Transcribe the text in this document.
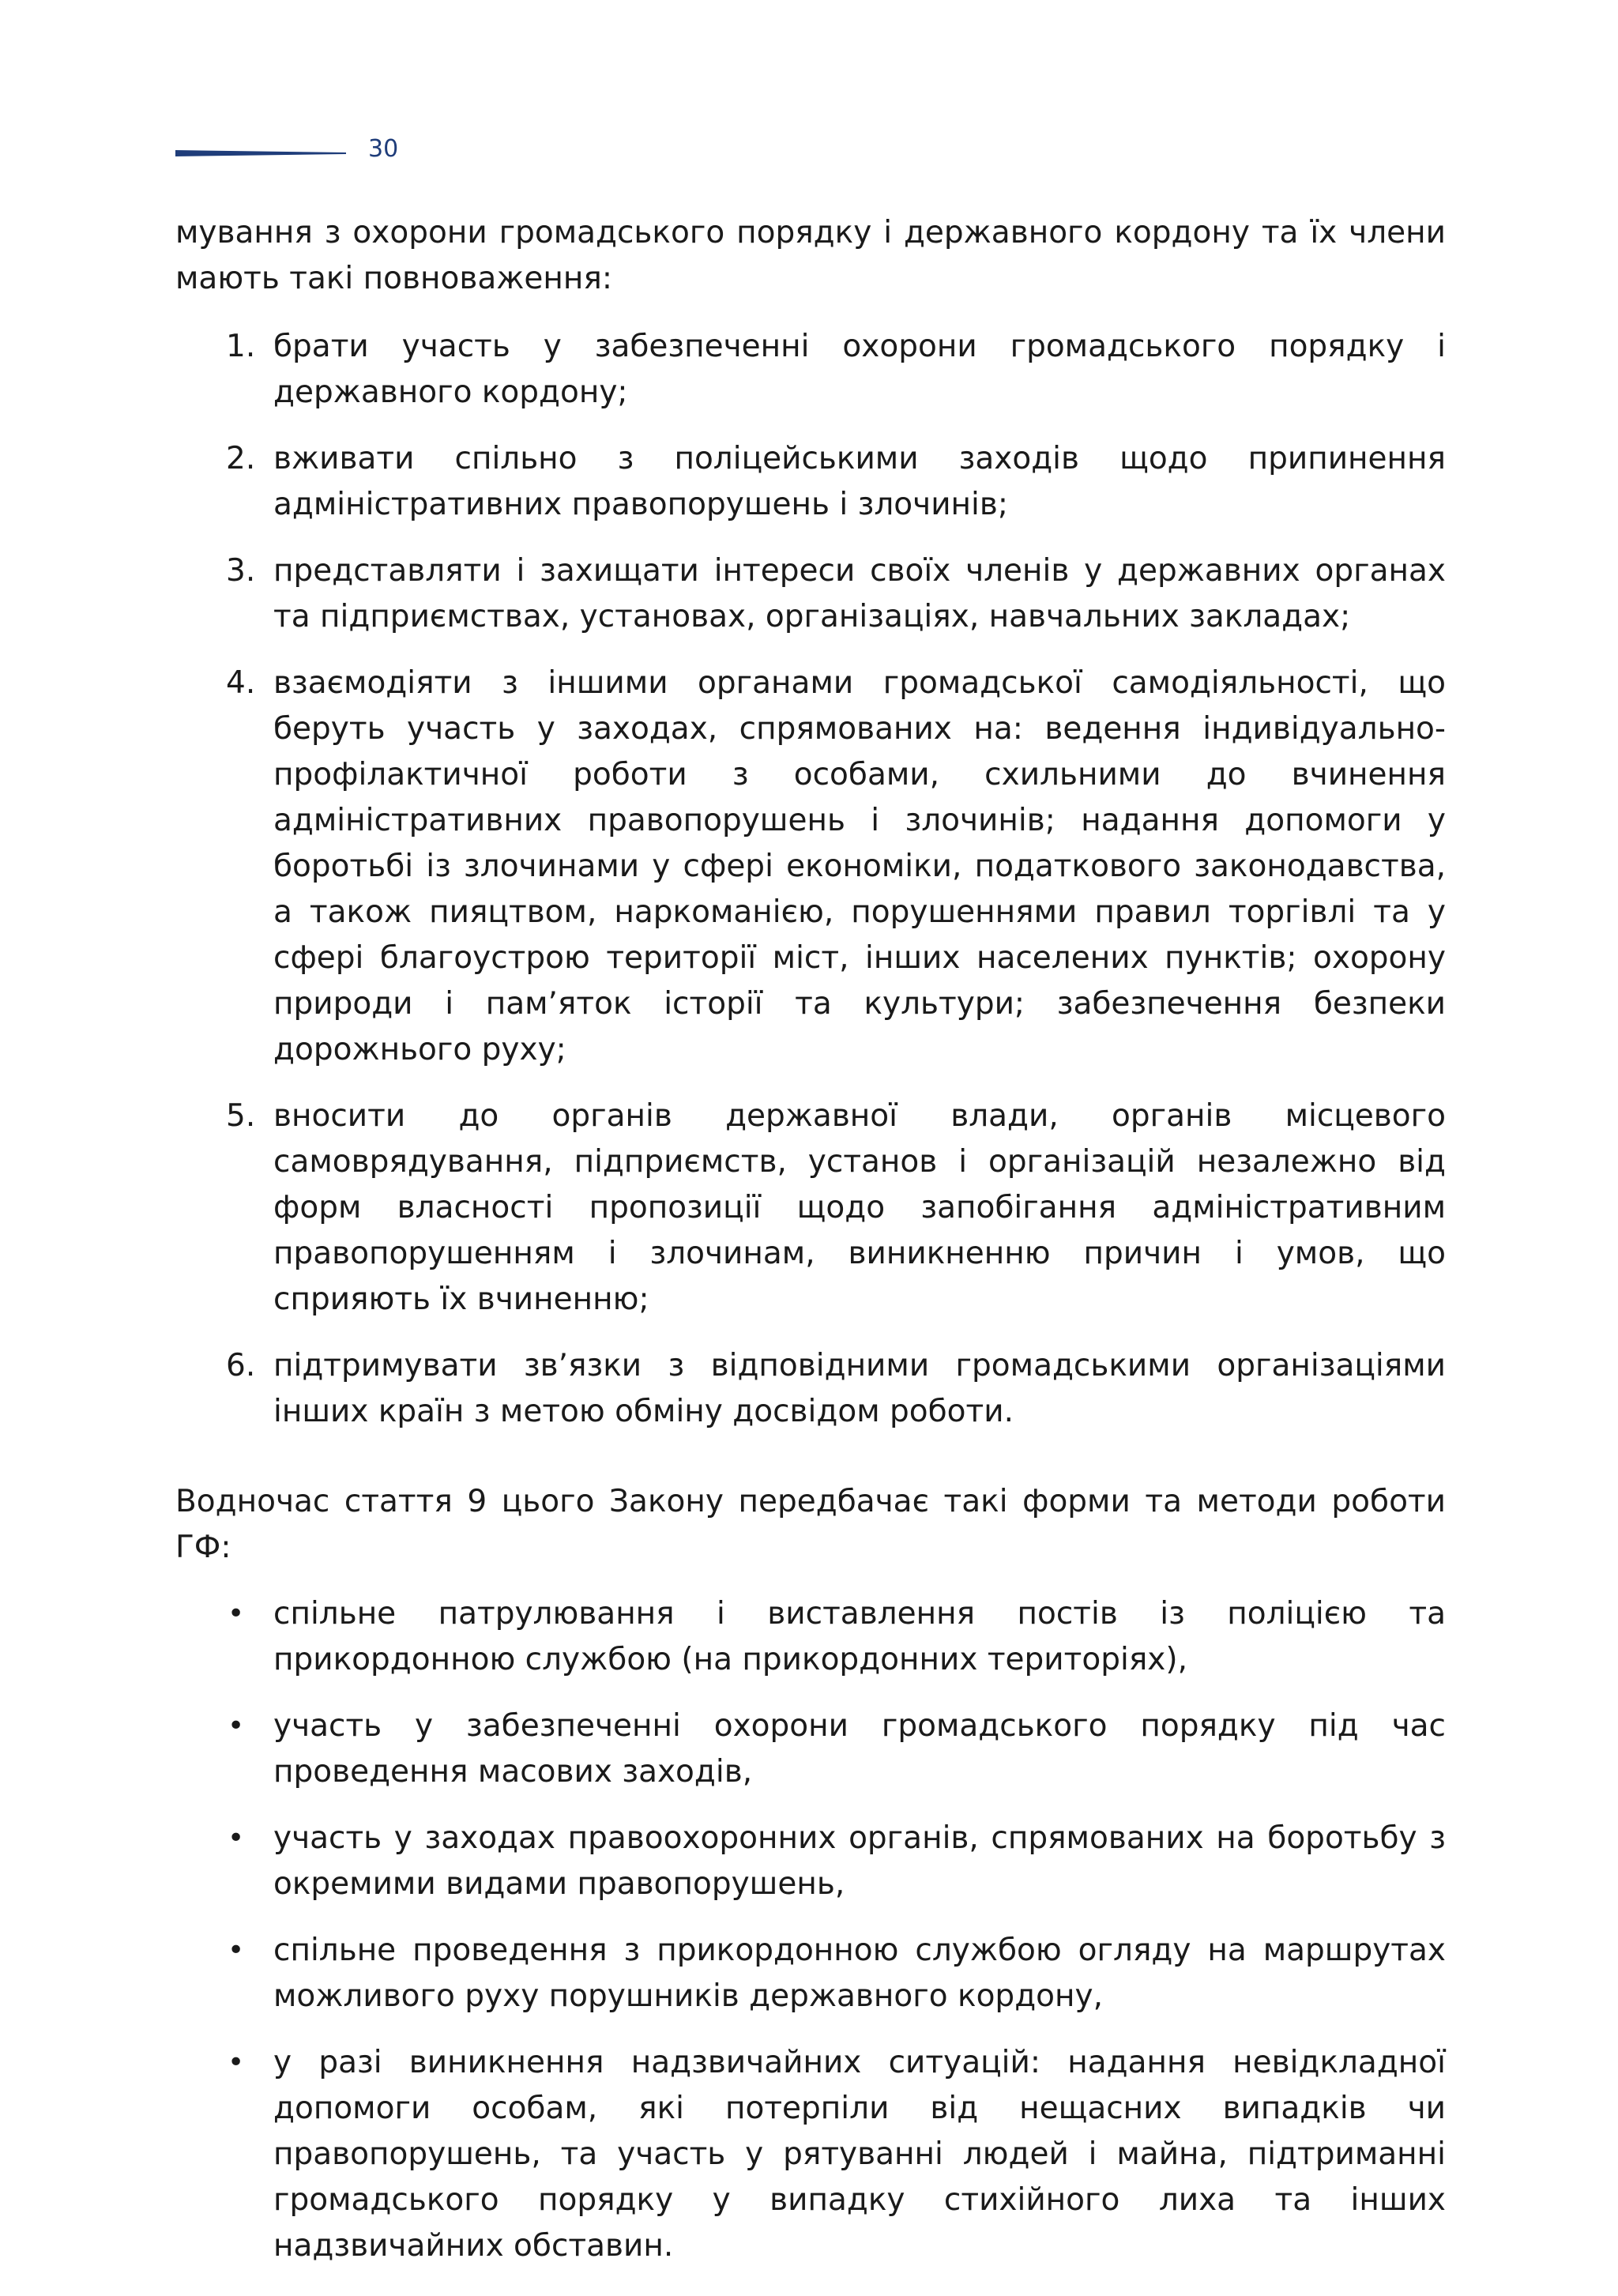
30

мування з охорони громадського порядку і державного кордону та їх члени мають такі повноваження:

1. брати участь у забезпеченні охорони громадського порядку і державного кордону;
2. вживати спільно з поліцейськими заходів щодо припинення адміністративних правопорушень і злочинів;
3. представляти і захищати інтереси своїх членів у державних органах та підприємствах, установах, організаціях, навчальних закладах;
4. взаємодіяти з іншими органами громадської самодіяльності, що беруть участь у заходах, спрямованих на: ведення індивідуально-профілактичної роботи з особами, схильними до вчинення адміністративних правопорушень і злочинів; надання допомоги у боротьбі із злочинами у сфері економіки, податкового законодавства, а також пияцтвом, наркоманією, порушеннями правил торгівлі та у сфері благоустрою території міст, інших населених пунктів; охорону природи і пам’яток історії та культури; забезпечення безпеки дорожнього руху;
5. вносити до органів державної влади, органів місцевого самоврядування, підприємств, установ і організацій незалежно від форм власності пропозиції щодо запобігання адміністративним правопорушенням і злочинам, виникненню причин і умов, що сприяють їх вчиненню;
6. підтримувати зв’язки з відповідними громадськими організаціями інших країн з метою обміну досвідом роботи.

Водночас стаття 9 цього Закону передбачає такі форми та методи роботи ГФ:

• спільне патрулювання і виставлення постів із поліцією та прикордонною службою (на прикордонних територіях),
• участь у забезпеченні охорони громадського порядку під час проведення масових заходів,
• участь у заходах правоохоронних органів, спрямованих на боротьбу з окремими видами правопорушень,
• спільне проведення з прикордонною службою огляду на маршрутах можливого руху порушників державного кордону,
• у разі виникнення надзвичайних ситуацій: надання невідкладної допомоги особам, які потерпіли від нещасних випадків чи правопорушень, та участь у рятуванні людей і майна, підтриманні громадського порядку у випадку стихійного лиха та інших надзвичайних обставин.
